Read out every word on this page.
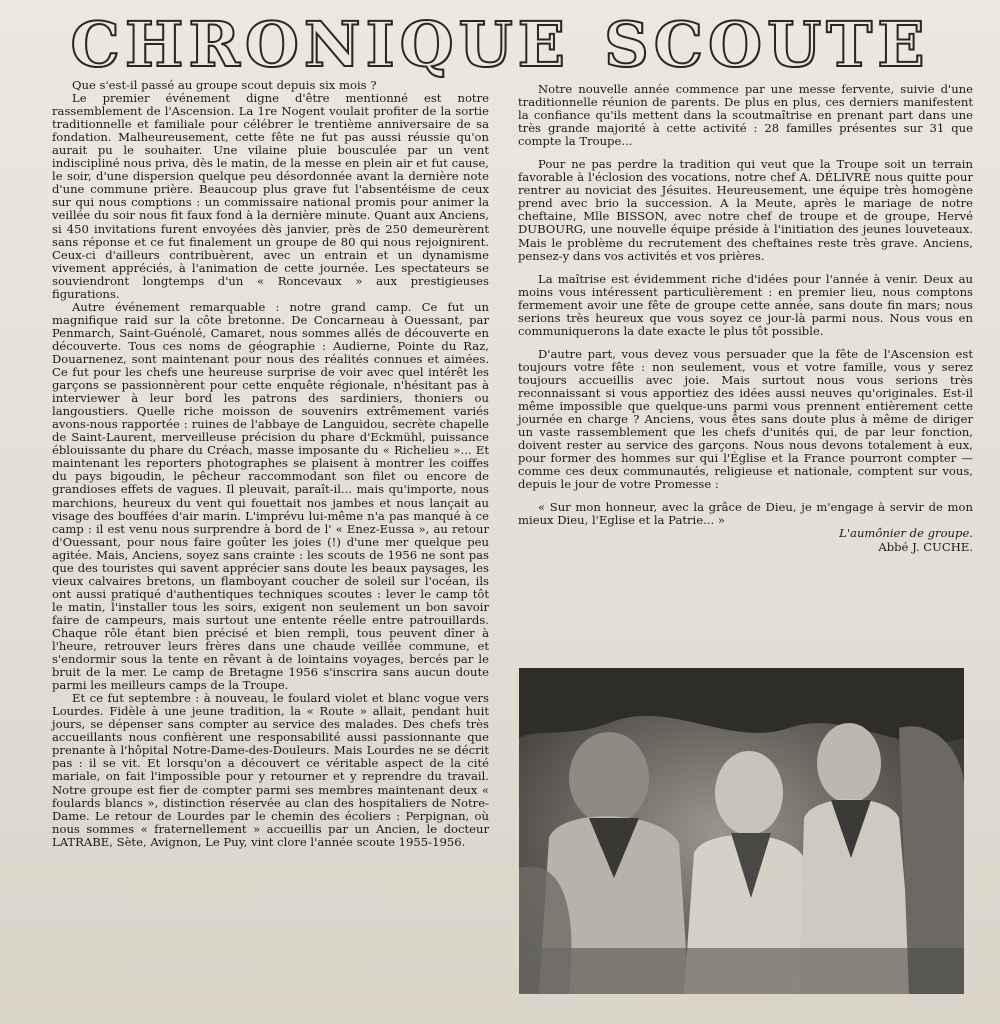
CHRONIQUE SCOUTE

Que s'est-il passé au groupe scout depuis six mois ?

Le premier événement digne d'être mentionné est notre rassemblement de l'Ascension. La 1re Nogent voulait profiter de la sortie traditionnelle et familiale pour célébrer le trentième anniversaire de sa fondation. Malheureusement, cette fête ne fut pas aussi réussie qu'on aurait pu le souhaiter. Une vilaine pluie bousculée par un vent indiscipliné nous priva, dès le matin, de la messe en plein air et fut cause, le soir, d'une dispersion quelque peu désordonnée avant la dernière note d'une commune prière. Beaucoup plus grave fut l'absentéisme de ceux sur qui nous comptions : un commissaire national promis pour animer la veillée du soir nous fit faux fond à la dernière minute. Quant aux Anciens, si 450 invitations furent envoyées dès janvier, près de 250 demeurèrent sans réponse et ce fut finalement un groupe de 80 qui nous rejoignirent. Ceux-ci d'ailleurs contribuèrent, avec un entrain et un dynamisme vivement appréciés, à l'animation de cette journée. Les spectateurs se souviendront longtemps d'un « Roncevaux » aux prestigieuses figurations.

Autre événement remarquable : notre grand camp. Ce fut un magnifique raid sur la côte bretonne. De Concarneau à Ouessant, par Penmarch, Saint-Guénolé, Camaret, nous sommes allés de découverte en découverte. Tous ces noms de géographie : Audierne, Pointe du Raz, Douarnenez, sont maintenant pour nous des réalités connues et aimées. Ce fut pour les chefs une heureuse surprise de voir avec quel intérêt les garçons se passionnèrent pour cette enquête régionale, n'hésitant pas à interviewer à leur bord les patrons des sardiniers, thoniers ou langoustiers. Quelle riche moisson de souvenirs extrêmement variés avons-nous rapportée : ruines de l'abbaye de Languidou, secrète chapelle de Saint-Laurent, merveilleuse précision du phare d'Eckmühl, puissance éblouissante du phare du Créach, masse imposante du « Richelieu »... Et maintenant les reporters photographes se plaisent à montrer les coiffes du pays bigoudin, le pêcheur raccommodant son filet ou encore de grandioses effets de vagues. Il pleuvait, paraît-il... mais qu'importe, nous marchions, heureux du vent qui fouettait nos jambes et nous lançait au visage des bouffées d'air marin. L'imprévu lui-même n'a pas manqué à ce camp : il est venu nous surprendre à bord de l' « Enez-Eussa », au retour d'Ouessant, pour nous faire goûter les joies (!) d'une mer quelque peu agitée. Mais, Anciens, soyez sans crainte : les scouts de 1956 ne sont pas que des touristes qui savent apprécier sans doute les beaux paysages, les vieux calvaires bretons, un flamboyant coucher de soleil sur l'océan, ils ont aussi pratiqué d'authentiques techniques scoutes : lever le camp tôt le matin, l'installer tous les soirs, exigent non seulement un bon savoir faire de campeurs, mais surtout une entente réelle entre patrouillards. Chaque rôle étant bien précisé et bien rempli, tous peuvent dîner à l'heure, retrouver leurs frères dans une chaude veillée commune, et s'endormir sous la tente en rêvant à de lointains voyages, bercés par le bruit de la mer. Le camp de Bretagne 1956 s'inscrira sans aucun doute parmi les meilleurs camps de la Troupe.

Et ce fut septembre : à nouveau, le foulard violet et blanc vogue vers Lourdes. Fidèle à une jeune tradition, la « Route » allait, pendant huit jours, se dépenser sans compter au service des malades. Des chefs très accueillants nous confièrent une responsabilité aussi passionnante que prenante à l'hôpital Notre-Dame-des-Douleurs. Mais Lourdes ne se décrit pas : il se vit. Et lorsqu'on a découvert ce véritable aspect de la cité mariale, on fait l'impossible pour y retourner et y reprendre du travail. Notre groupe est fier de compter parmi ses membres maintenant deux « foulards blancs », distinction réservée au clan des hospitaliers de Notre-Dame. Le retour de Lourdes par le chemin des écoliers : Perpignan, où nous sommes « fraternellement » accueillis par un Ancien, le docteur LATRABE, Sète, Avignon, Le Puy, vint clore l'année scoute 1955-1956.

Notre nouvelle année commence par une messe fervente, suivie d'une traditionnelle réunion de parents. De plus en plus, ces derniers manifestent la confiance qu'ils mettent dans la scoutmaîtrise en prenant part dans une très grande majorité à cette activité : 28 familles présentes sur 31 que compte la Troupe...

Pour ne pas perdre la tradition qui veut que la Troupe soit un terrain favorable à l'éclosion des vocations, notre chef A. DÉLIVRÉ nous quitte pour rentrer au noviciat des Jésuites. Heureusement, une équipe très homogène prend avec brio la succession. A la Meute, après le mariage de notre cheftaine, Mlle BISSON, avec notre chef de troupe et de groupe, Hervé DUBOURG, une nouvelle équipe préside à l'initiation des jeunes louveteaux. Mais le problème du recrutement des cheftaines reste très grave. Anciens, pensez-y dans vos activités et vos prières.

La maîtrise est évidemment riche d'idées pour l'année à venir. Deux au moins vous intéressent particulièrement : en premier lieu, nous comptons fermement avoir une fête de groupe cette année, sans doute fin mars; nous serions très heureux que vous soyez ce jour-là parmi nous. Nous vous en communiquerons la date exacte le plus tôt possible.

D'autre part, vous devez vous persuader que la fête de l'Ascension est toujours votre fête : non seulement, vous et votre famille, vous y serez toujours accueillis avec joie. Mais surtout nous vous serions très reconnaissant si vous apportiez des idées aussi neuves qu'originales. Est-il même impossible que quelque-uns parmi vous prennent entièrement cette journée en charge ? Anciens, vous êtes sans doute plus à même de diriger un vaste rassemblement que les chefs d'unités qui, de par leur fonction, doivent rester au service des garçons. Nous nous devons totalement à eux, pour former des hommes sur qui l'Église et la France pourront compter — comme ces deux communautés, religieuse et nationale, comptent sur vous, depuis le jour de votre Promesse :

« Sur mon honneur, avec la grâce de Dieu, je m'engage à servir de mon mieux Dieu, l'Eglise et la Patrie... »

L'aumônier de groupe.

Abbé J. CUCHE.
